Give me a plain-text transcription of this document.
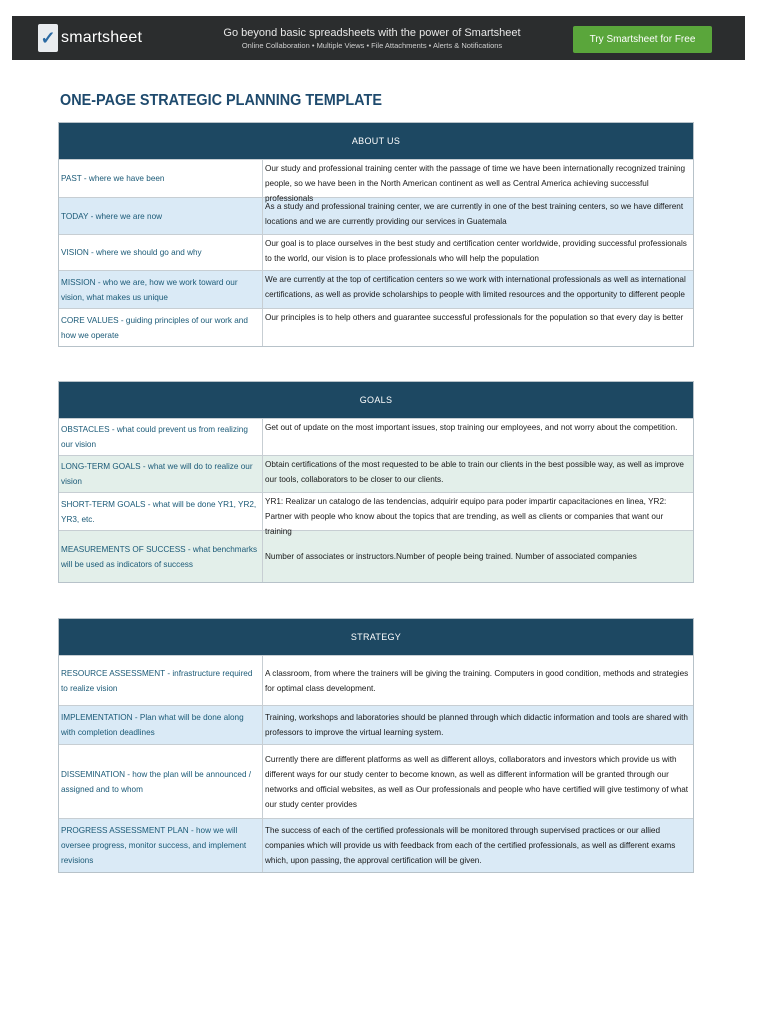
✓ smartsheet	Go beyond basic spreadsheets with the power of Smartsheet
Online Collaboration • Multiple Views • File Attachments • Alerts & Notifications	Try Smartsheet for Free
ONE-PAGE STRATEGIC PLANNING TEMPLATE
ABOUT US
PAST - where we have been
Our study and professional training center with the passage of time we have been internationally recognized training people, so we have been in the North American continent as well as Central America achieving successful professionals
TODAY - where we are now
As a study and professional training center, we are currently in one of the best training centers, so we have different locations and we are currently providing our services in Guatemala
VISION - where we should go and why
Our goal is to place ourselves in the best study and certification center worldwide, providing successful professionals to the world, our vision is to place professionals who will help the population
MISSION - who we are, how we work toward our vision, what makes us unique
We are currently at the top of certification centers so we work with international professionals as well as international certifications, as well as provide scholarships to people with limited resources and the opportunity to different people
CORE VALUES - guiding principles of our work and how we operate
Our principles is to help others and guarantee successful professionals for the population so that every day is better
GOALS
OBSTACLES - what could prevent us from realizing our vision
Get out of update on the most important issues, stop training our employees, and not worry about the competition.
LONG-TERM GOALS - what we will do to realize our vision
Obtain certifications of the most requested to be able to train our clients in the best possible way, as well as improve our tools, collaborators to be closer to our clients.
SHORT-TERM GOALS - what will be done YR1, YR2, YR3, etc.
YR1: Realizar un catalogo de las tendencias, adquirir equipo para poder impartir capacitaciones en linea, YR2: Partner with people who know about the topics that are trending, as well as clients or companies that want our training
MEASUREMENTS OF SUCCESS - what benchmarks will be used as indicators of success
Number of associates or instructors.Number of people being trained. Number of associated companies
STRATEGY
RESOURCE ASSESSMENT - infrastructure required to realize vision
A classroom, from where the trainers will be giving the training. Computers in good condition, methods and strategies for optimal class development.
IMPLEMENTATION - Plan what will be done along with completion deadlines
Training, workshops and laboratories should be planned through which didactic information and tools are shared with professors to improve the virtual learning system.
DISSEMINATION - how the plan will be announced / assigned and to whom
Currently there are different platforms as well as different alloys, collaborators and investors which provide us with different ways for our study center to become known, as well as different information will be granted through our networks and official websites, as well as Our professionals and people who have certified will give testimony of what our study center provides
PROGRESS ASSESSMENT PLAN - how we will oversee progress, monitor success, and implement revisions
The success of each of the certified professionals will be monitored through supervised practices or our allied companies which will provide us with feedback from each of the certified professionals, as well as different exams which, upon passing, the approval certification will be given.
